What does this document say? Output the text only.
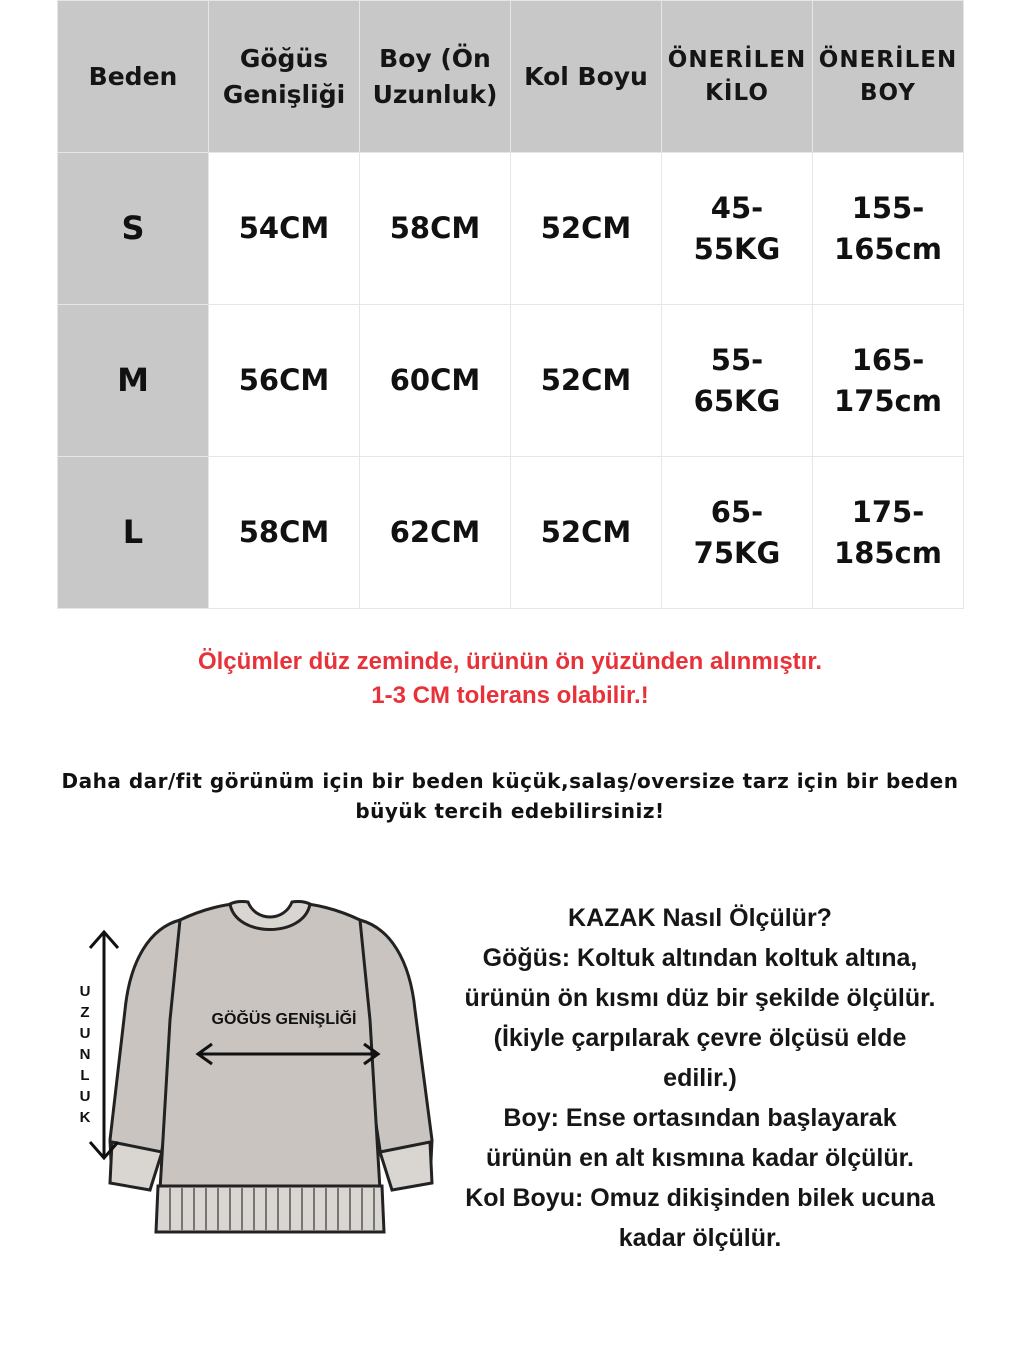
Beden	Göğüs Genişliği	Boy (Ön Uzunluk)	Kol Boyu	ÖNERİLEN KİLO	ÖNERİLEN BOY
S	54CM	58CM	52CM	45-55KG	155-165cm
M	56CM	60CM	52CM	55-65KG	165-175cm
L	58CM	62CM	52CM	65-75KG	175-185cm
Ölçümler düz zeminde, ürünün ön yüzünden alınmıştır.
1-3 CM tolerans olabilir.!
Daha dar/fit görünüm için bir beden küçük,salaş/oversize tarz için bir beden büyük tercih edebilirsiniz!
U
Z
U
N
L
U
K
GÖĞÜS GENİŞLİĞİ
KAZAK Nasıl Ölçülür?
Göğüs: Koltuk altından koltuk altına,
ürünün ön kısmı düz bir şekilde ölçülür.
(İkiyle çarpılarak çevre ölçüsü elde
edilir.)
Boy: Ense ortasından başlayarak
ürünün en alt kısmına kadar ölçülür.
Kol Boyu: Omuz dikişinden bilek ucuna
kadar ölçülür.
